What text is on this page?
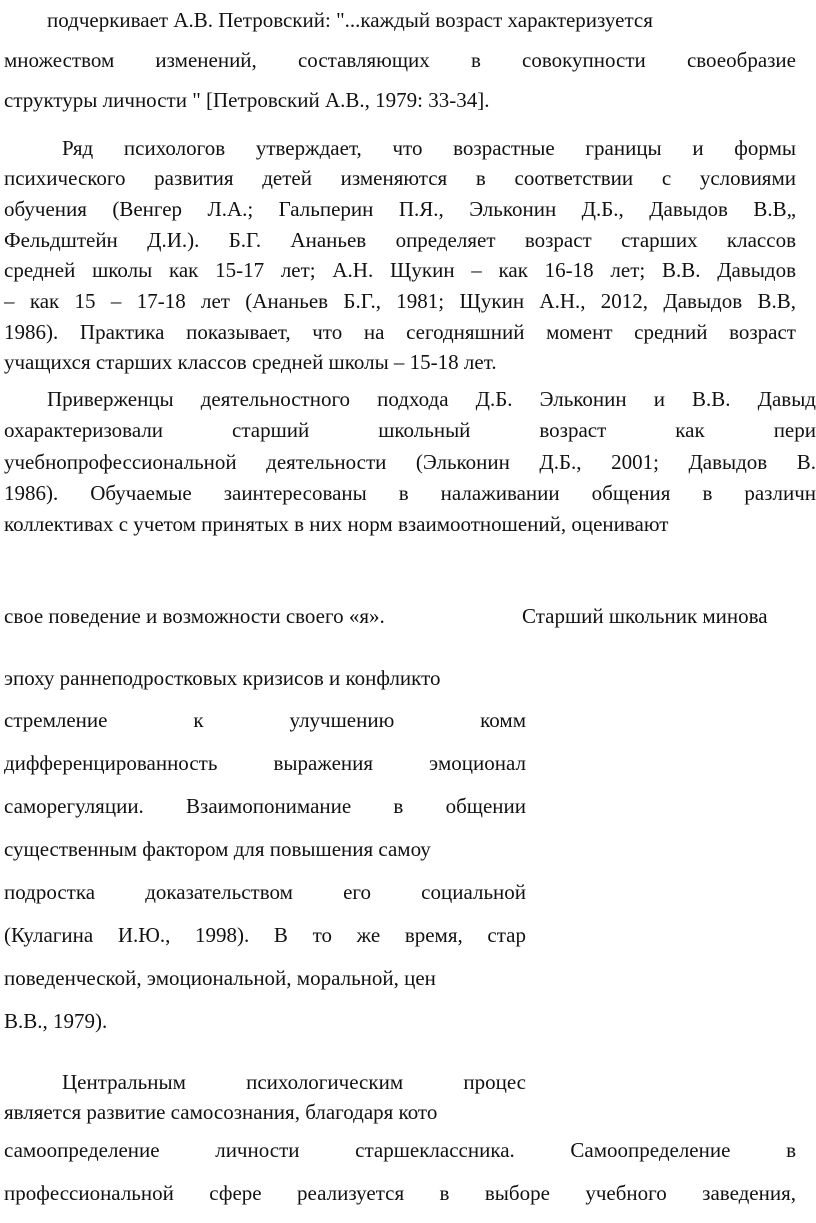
подчеркивает А.В. Петровский: "...каждый возраст характеризуется
множеством изменений, составляющих в совокупности своеобразие
структуры личности " [Петровский А.В., 1979: 33-34].
Ряд психологов утверждает, что возрастные границы и формы
психического развития детей изменяются в соответствии с условиями
обучения (Венгер Л.А.; Гальперин П.Я., Эльконин Д.Б., Давыдов В.В„
Фельдштейн Д.И.). Б.Г. Ананьев определяет возраст старших классов
средней школы как 15-17 лет; А.Н. Щукин – как 16-18 лет; В.В. Давыдов
– как 15 – 17-18 лет (Ананьев Б.Г., 1981; Щукин А.Н., 2012, Давыдов В.В,
1986). Практика показывает, что на сегодняшний момент средний возраст
учащихся старших классов средней школы – 15-18 лет.
Приверженцы деятельностного подхода Д.Б. Эльконин и В.В. Давыд
охарактеризовали старший школьный возраст как пери
учебнопрофессиональной деятельности (Эльконин Д.Б., 2001; Давыдов В.
1986). Обучаемые заинтересованы в налаживании общения в различн
коллективах с учетом принятых в них норм взаимоотношений, оценивают
свое поведение и возможности своего «я».	Старший школьник минова
эпоху раннеподростковых кризисов и конфликто
стремление к улучшению комм
дифференцированность выражения эмоционал
саморегуляции. Взаимопонимание в общении
существенным фактором для повышения самоу
подростка доказательством его социальной
(Кулагина И.Ю., 1998). В то же время, стар
поведенческой, эмоциональной, моральной, цен
В.В., 1979).
Центральным психологическим процес
является развитие самосознания, благодаря кото
самоопределение личности старшеклассника. Самоопределение в
профессиональной сфере реализуется в выборе учебного заведения,
